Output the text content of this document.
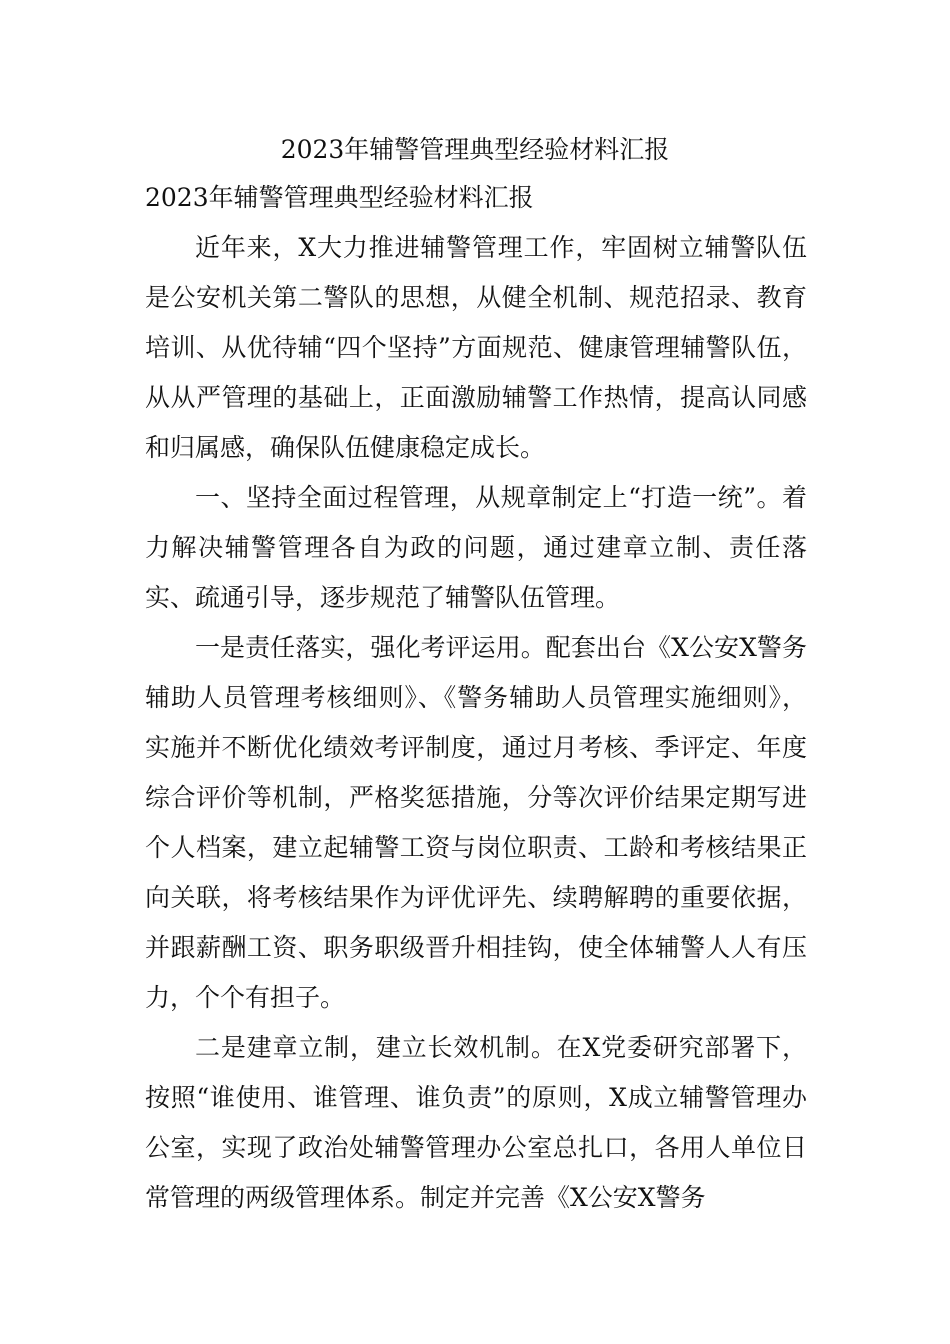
2023年辅警管理典型经验材料汇报

2023年辅警管理典型经验材料汇报

近年来，X大力推进辅警管理工作，牢固树立辅警队伍是公安机关第二警队的思想，从健全机制、规范招录、教育培训、从优待辅“四个坚持”方面规范、健康管理辅警队伍，从从严管理的基础上，正面激励辅警工作热情，提高认同感和归属感，确保队伍健康稳定成长。

一、坚持全面过程管理，从规章制定上“打造一统”。着力解决辅警管理各自为政的问题，通过建章立制、责任落实、疏通引导，逐步规范了辅警队伍管理。

一是责任落实，强化考评运用。配套出台《X公安X警务辅助人员管理考核细则》、《警务辅助人员管理实施细则》，实施并不断优化绩效考评制度，通过月考核、季评定、年度综合评价等机制，严格奖惩措施，分等次评价结果定期写进个人档案，建立起辅警工资与岗位职责、工龄和考核结果正向关联，将考核结果作为评优评先、续聘解聘的重要依据，并跟薪酬工资、职务职级晋升相挂钩，使全体辅警人人有压力，个个有担子。

二是建章立制，建立长效机制。在X党委研究部署下，按照“谁使用、谁管理、谁负责”的原则，X成立辅警管理办公室，实现了政治处辅警管理办公室总扎口，各用人单位日常管理的两级管理体系。制定并完善《X公安X警务
